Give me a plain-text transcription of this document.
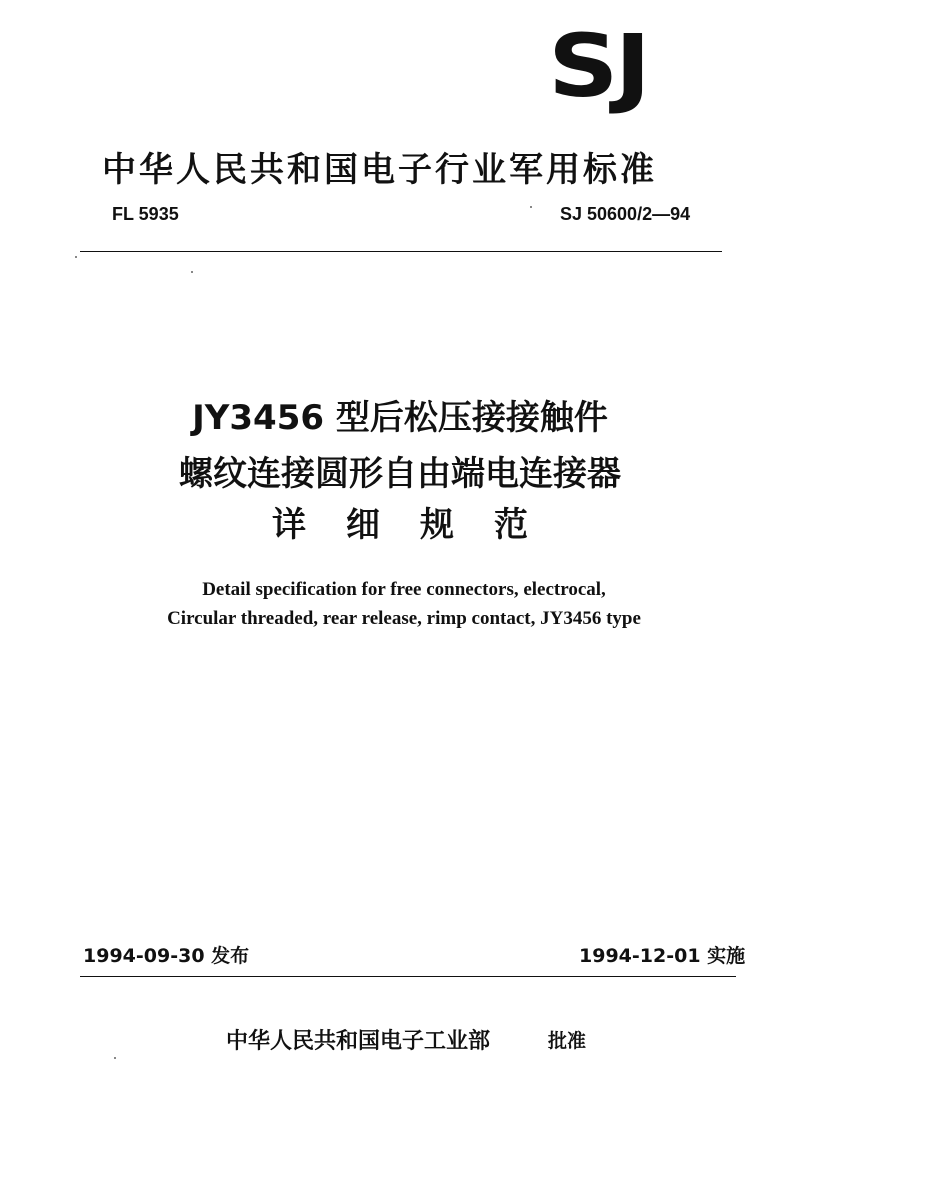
SJ
中华人民共和国电子行业军用标准
FL 5935	SJ 50600/2—94
JY3456 型后松压接接触件
螺纹连接圆形自由端电连接器
详细规范
Detail specification for free connectors, electrocal,
Circular threaded, rear release, rimp contact, JY3456 type
1994-09-30 发布	1994-12-01 实施
中华人民共和国电子工业部	批准
